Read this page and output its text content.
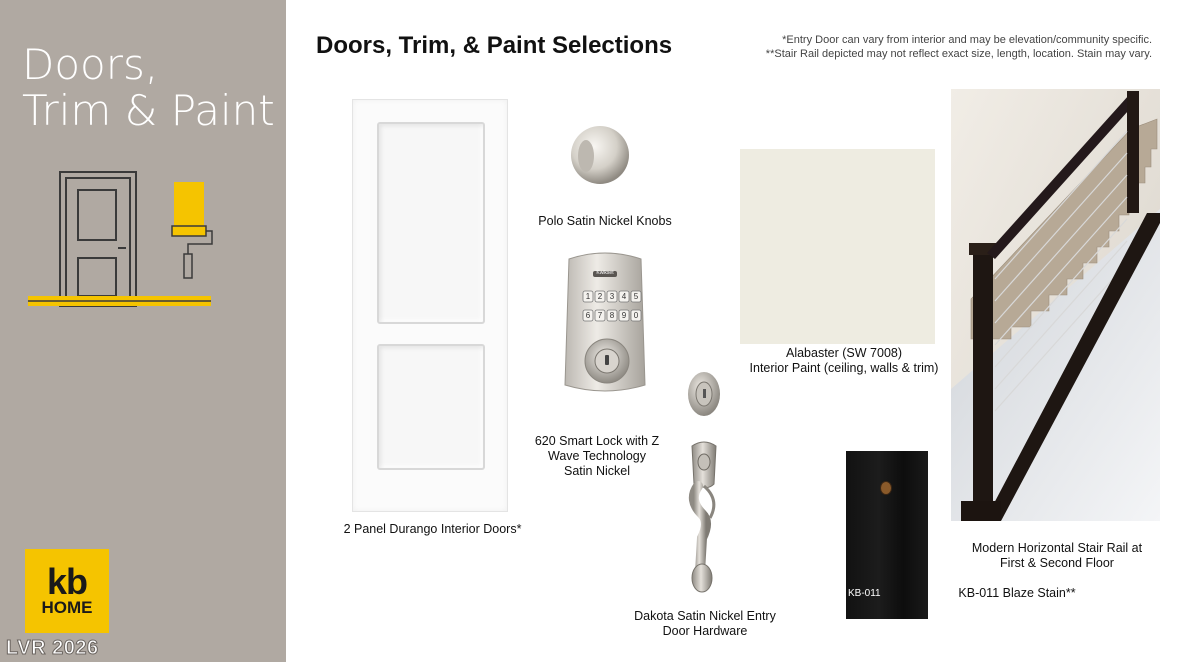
Doors,
Trim & Paint
kb
HOME
LVR 2026
Doors, Trim, & Paint Selections	*Entry Door can vary from interior and may be elevation/community specific.
**Stair Rail depicted may not reflect exact size, length, location. Stain may vary.
2 Panel Durango Interior Doors*
Polo Satin Nickel Knobs
Kwikset
1 2 3 4 5
6 7 8 9 0
620 Smart Lock with Z
Wave Technology
Satin Nickel
Dakota Satin Nickel Entry
Door Hardware
Alabaster (SW 7008)
Interior Paint (ceiling, walls & trim)
KB-011	KB-011 Blaze Stain**
Modern Horizontal Stair Rail at
First & Second Floor
